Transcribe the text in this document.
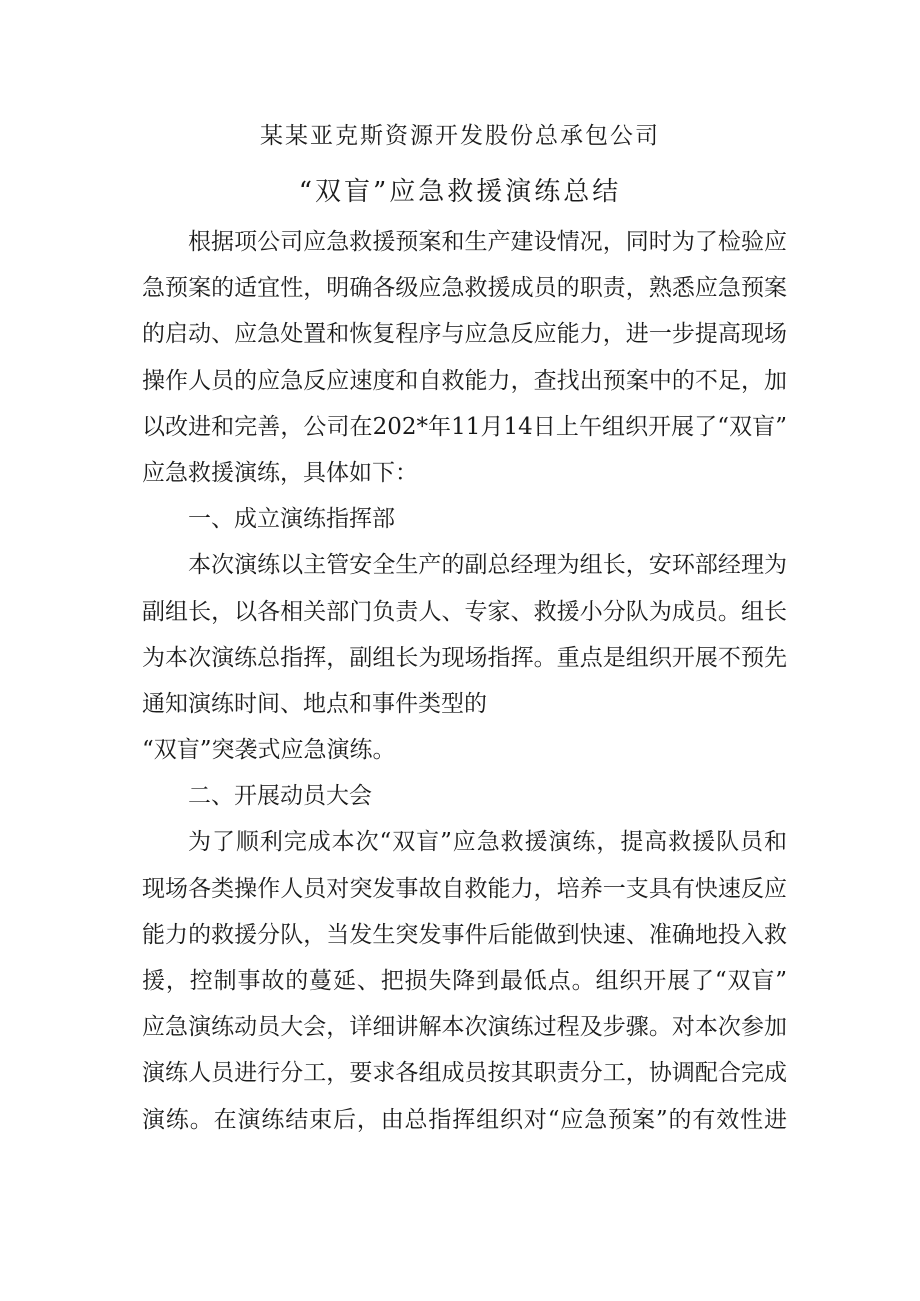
某某亚克斯资源开发股份总承包公司
“双盲”应急救援演练总结
根据项公司应急救援预案和生产建设情况，同时为了检验应
急预案的适宜性，明确各级应急救援成员的职责，熟悉应急预案
的启动、应急处置和恢复程序与应急反应能力，进一步提高现场
操作人员的应急反应速度和自救能力，查找出预案中的不足，加
以改进和完善，公司在202*年11月14日上午组织开展了“双盲”
应急救援演练，具体如下：
一、成立演练指挥部
本次演练以主管安全生产的副总经理为组长，安环部经理为
副组长，以各相关部门负责人、专家、救援小分队为成员。组长
为本次演练总指挥，副组长为现场指挥。重点是组织开展不预先
通知演练时间、地点和事件类型的
“双盲”突袭式应急演练。
二、开展动员大会
为了顺利完成本次“双盲”应急救援演练，提高救援队员和
现场各类操作人员对突发事故自救能力，培养一支具有快速反应
能力的救援分队，当发生突发事件后能做到快速、准确地投入救
援，控制事故的蔓延、把损失降到最低点。组织开展了“双盲”
应急演练动员大会，详细讲解本次演练过程及步骤。对本次参加
演练人员进行分工，要求各组成员按其职责分工，协调配合完成
演练。在演练结束后，由总指挥组织对“应急预案”的有效性进
